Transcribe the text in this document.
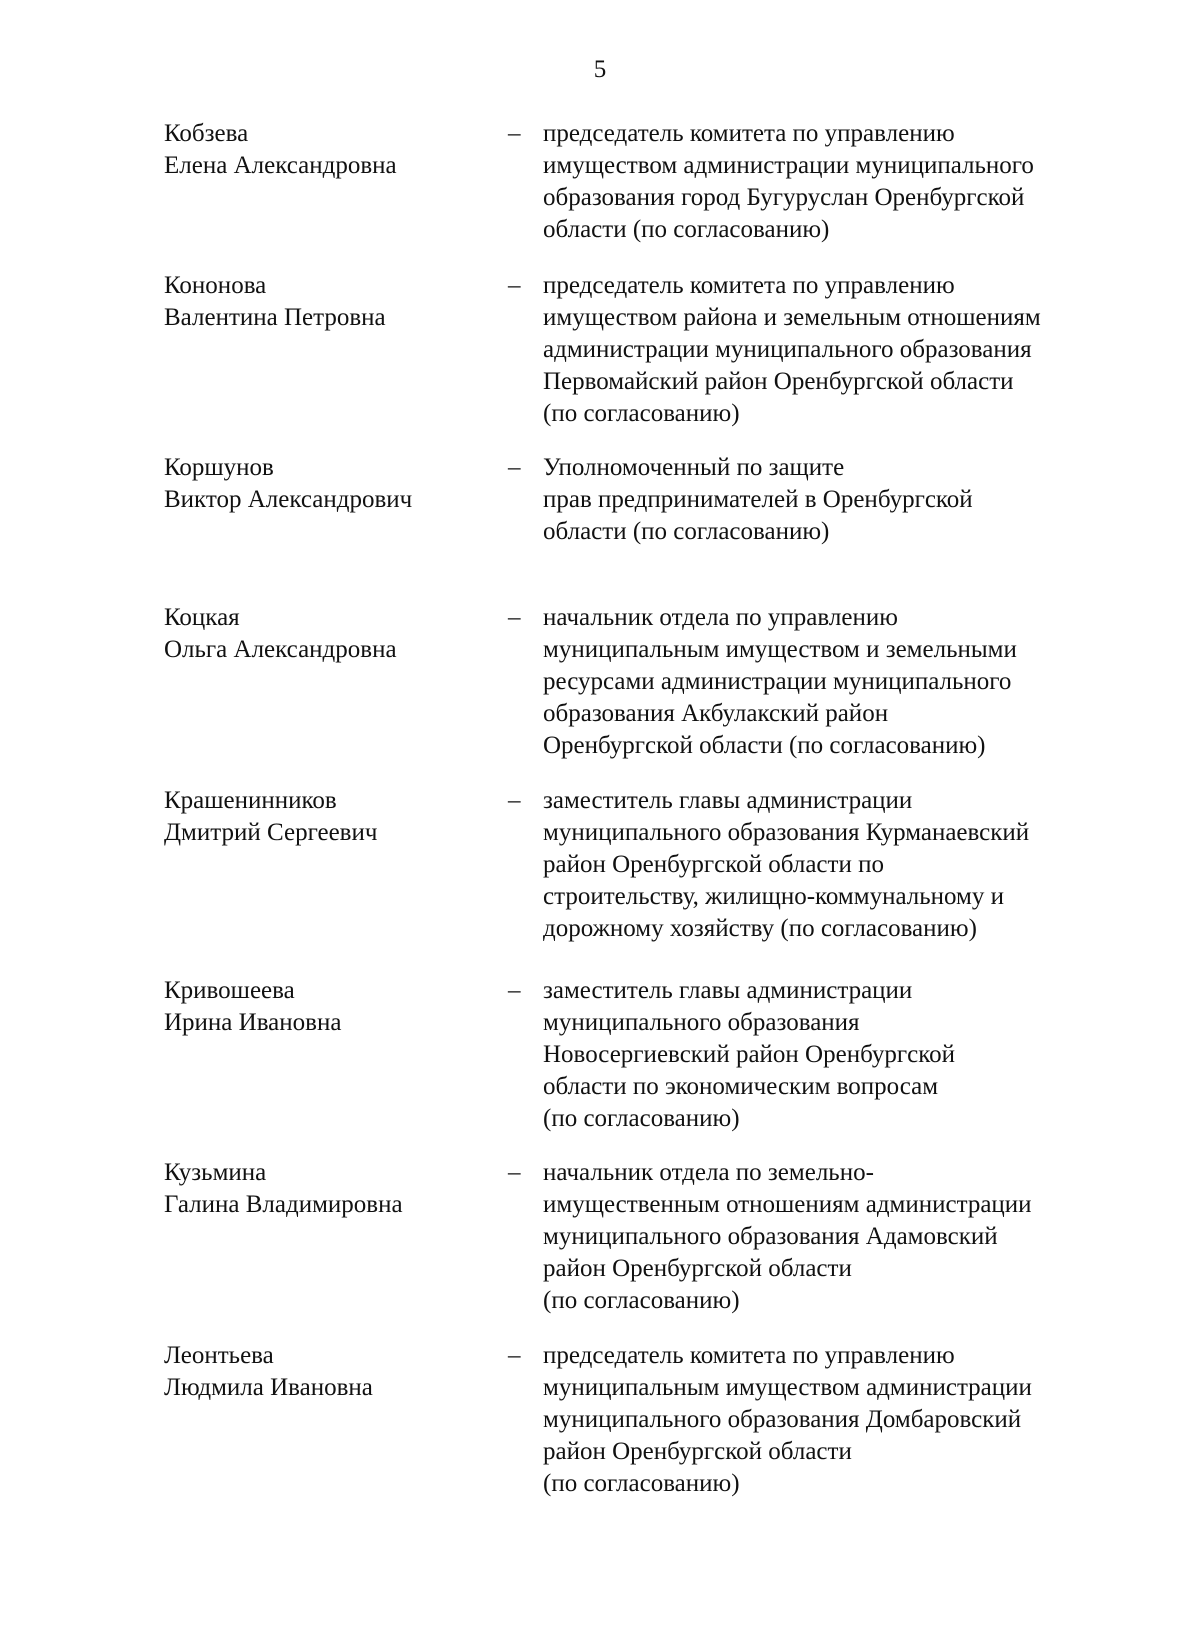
5
Кобзева
Елена Александровна
– председатель комитета по управлению
имуществом администрации муниципального
образования город Бугуруслан Оренбургской
области (по согласованию)
Кононова
Валентина Петровна
– председатель комитета по управлению
имуществом района и земельным отношениям
администрации муниципального образования
Первомайский район Оренбургской области
(по согласованию)
Коршунов
Виктор Александрович
– Уполномоченный по защите
прав предпринимателей в Оренбургской
области (по согласованию)
Коцкая
Ольга Александровна
– начальник отдела по управлению
муниципальным имуществом и земельными
ресурсами администрации муниципального
образования Акбулакский район
Оренбургской области (по согласованию)
Крашенинников
Дмитрий Сергеевич
– заместитель главы администрации
муниципального образования Курманаевский
район Оренбургской области по
строительству, жилищно-коммунальному и
дорожному хозяйству (по согласованию)
Кривошеева
Ирина Ивановна
– заместитель главы администрации
муниципального образования
Новосергиевский район Оренбургской
области по экономическим вопросам
(по согласованию)
Кузьмина
Галина Владимировна
– начальник отдела по земельно-
имущественным отношениям администрации
муниципального образования Адамовский
район Оренбургской области
(по согласованию)
Леонтьева
Людмила Ивановна
– председатель комитета по управлению
муниципальным имуществом администрации
муниципального образования Домбаровский
район Оренбургской области
(по согласованию)
